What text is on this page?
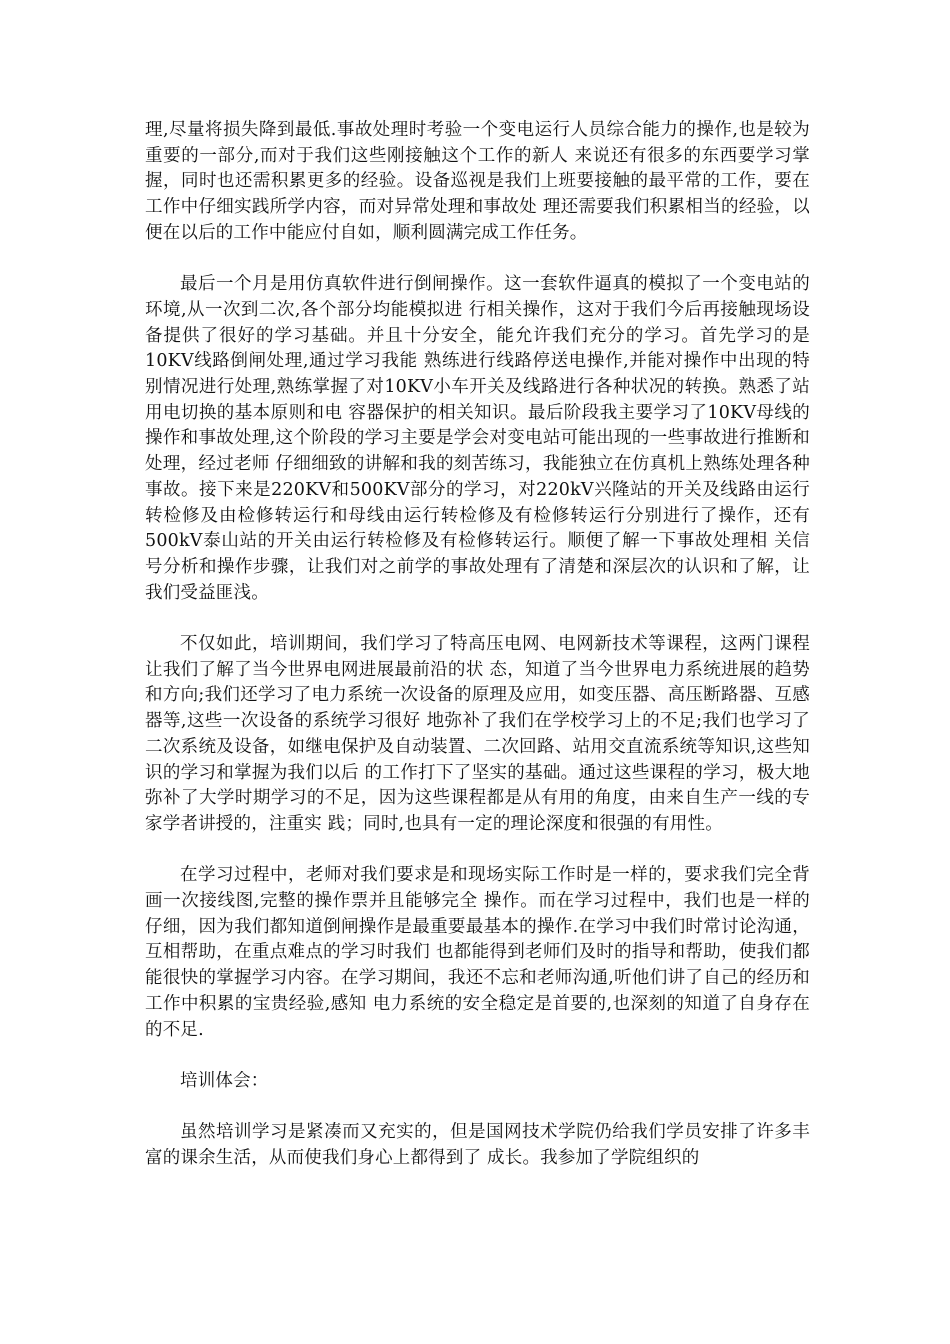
理,尽量将损失降到最低.事故处理时考验一个变电运行人员综合能力的操作,也是较为重要的一部分,而对于我们这些刚接触这个工作的新人 来说还有很多的东西要学习掌握，同时也还需积累更多的经验。设备巡视是我们上班要接触的最平常的工作，要在工作中仔细实践所学内容，而对异常处理和事故处 理还需要我们积累相当的经验，以便在以后的工作中能应付自如，顺利圆满完成工作任务。

最后一个月是用仿真软件进行倒闸操作。这一套软件逼真的模拟了一个变电站的环境,从一次到二次,各个部分均能模拟进 行相关操作，这对于我们今后再接触现场设备提供了很好的学习基础。并且十分安全，能允许我们充分的学习。首先学习的是10KV线路倒闸处理,通过学习我能 熟练进行线路停送电操作,并能对操作中出现的特别情况进行处理,熟练掌握了对10KV小车开关及线路进行各种状况的转换。熟悉了站用电切换的基本原则和电 容器保护的相关知识。最后阶段我主要学习了10KV母线的操作和事故处理,这个阶段的学习主要是学会对变电站可能出现的一些事故进行推断和处理，经过老师 仔细细致的讲解和我的刻苦练习，我能独立在仿真机上熟练处理各种事故。接下来是220KV和500KV部分的学习，对220kV兴隆站的开关及线路由运行 转检修及由检修转运行和母线由运行转检修及有检修转运行分别进行了操作，还有500kV泰山站的开关由运行转检修及有检修转运行。顺便了解一下事故处理相 关信号分析和操作步骤，让我们对之前学的事故处理有了清楚和深层次的认识和了解，让我们受益匪浅。

不仅如此，培训期间，我们学习了特高压电网、电网新技术等课程，这两门课程让我们了解了当今世界电网进展最前沿的状 态，知道了当今世界电力系统进展的趋势和方向;我们还学习了电力系统一次设备的原理及应用，如变压器、高压断路器、互感器等,这些一次设备的系统学习很好 地弥补了我们在学校学习上的不足;我们也学习了二次系统及设备，如继电保护及自动装置、二次回路、站用交直流系统等知识,这些知识的学习和掌握为我们以后 的工作打下了坚实的基础。通过这些课程的学习，极大地弥补了大学时期学习的不足，因为这些课程都是从有用的角度，由来自生产一线的专家学者讲授的，注重实 践；同时,也具有一定的理论深度和很强的有用性。

在学习过程中，老师对我们要求是和现场实际工作时是一样的，要求我们完全背画一次接线图,完整的操作票并且能够完全 操作。而在学习过程中，我们也是一样的仔细，因为我们都知道倒闸操作是最重要最基本的操作.在学习中我们时常讨论沟通，互相帮助，在重点难点的学习时我们 也都能得到老师们及时的指导和帮助，使我们都能很快的掌握学习内容。在学习期间，我还不忘和老师沟通,听他们讲了自己的经历和工作中积累的宝贵经验,感知 电力系统的安全稳定是首要的,也深刻的知道了自身存在的不足.

培训体会：

虽然培训学习是紧凑而又充实的，但是国网技术学院仍给我们学员安排了许多丰富的课余生活，从而使我们身心上都得到了 成长。我参加了学院组织的
